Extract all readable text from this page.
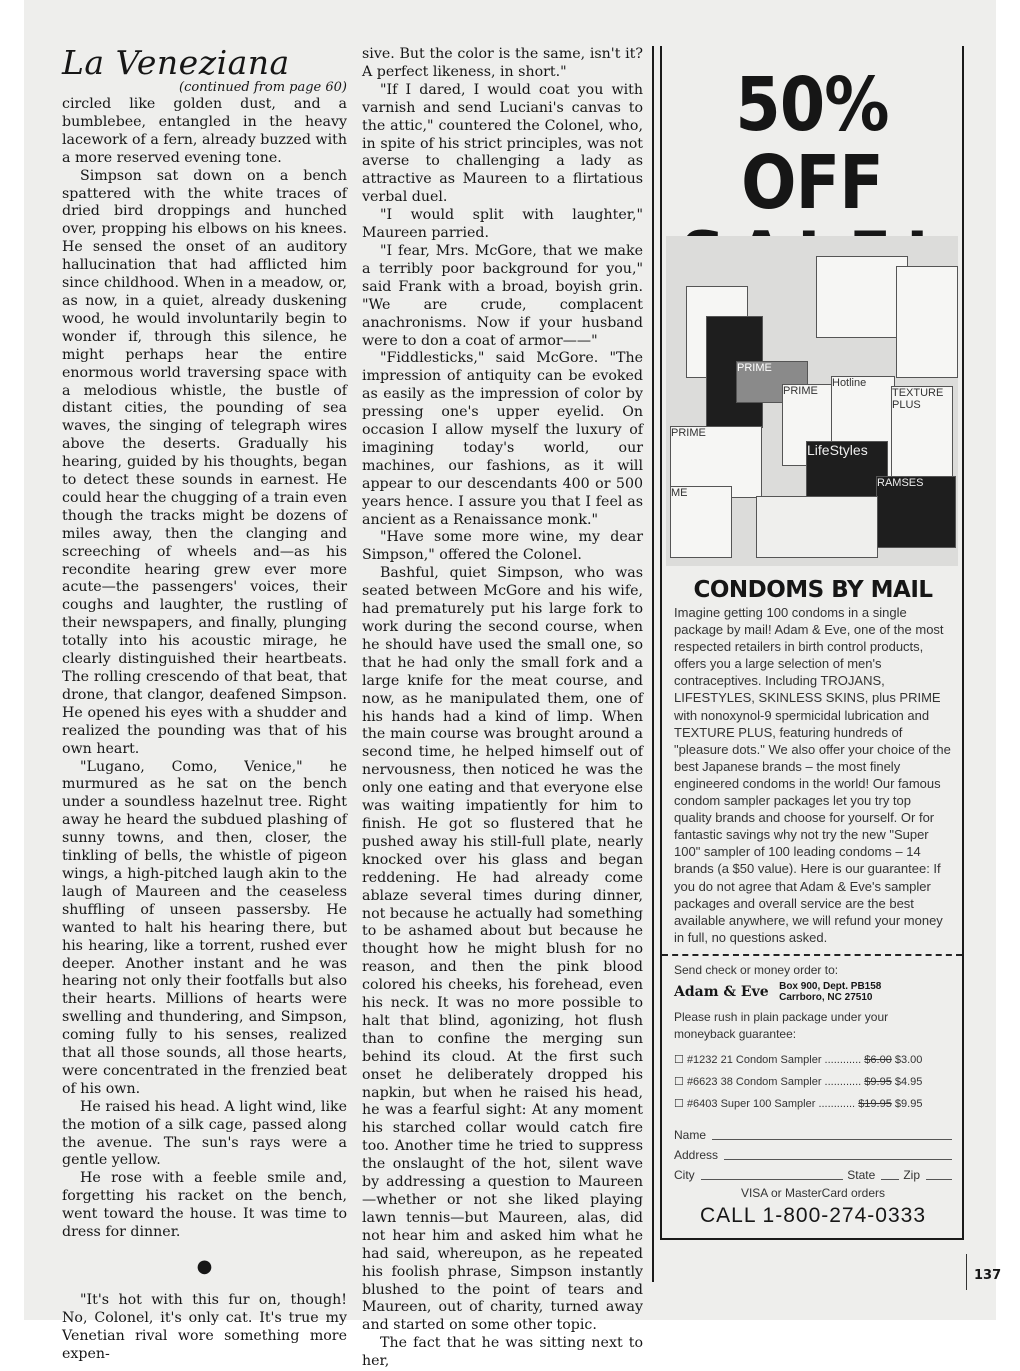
La Veneziana

(continued from page 60)

circled like golden dust, and a bumblebee, entangled in the heavy lacework of a fern, already buzzed with a more reserved evening tone.

Simpson sat down on a bench spattered with the white traces of dried bird droppings and hunched over, propping his elbows on his knees. He sensed the onset of an auditory hallucination that had afflicted him since childhood. When in a meadow, or, as now, in a quiet, already duskening wood, he would involuntarily begin to wonder if, through this silence, he might perhaps hear the entire enormous world traversing space with a melodious whistle, the bustle of distant cities, the pounding of sea waves, the singing of telegraph wires above the deserts. Gradually his hearing, guided by his thoughts, began to detect these sounds in earnest. He could hear the chugging of a train even though the tracks might be dozens of miles away, then the clanging and screeching of wheels and—as his recondite hearing grew ever more acute—the passengers' voices, their coughs and laughter, the rustling of their newspapers, and finally, plunging totally into his acoustic mirage, he clearly distinguished their heartbeats. The rolling crescendo of that beat, that drone, that clangor, deafened Simpson. He opened his eyes with a shudder and realized the pounding was that of his own heart.

"Lugano, Como, Venice," he murmured as he sat on the bench under a soundless hazelnut tree. Right away he heard the subdued plashing of sunny towns, and then, closer, the tinkling of bells, the whistle of pigeon wings, a high-pitched laugh akin to the laugh of Maureen and the ceaseless shuffling of unseen passersby. He wanted to halt his hearing there, but his hearing, like a torrent, rushed ever deeper. Another instant and he was hearing not only their footfalls but also their hearts. Millions of hearts were swelling and thundering, and Simpson, coming fully to his senses, realized that all those sounds, all those hearts, were concentrated in the frenzied beat of his own.

He raised his head. A light wind, like the motion of a silk cage, passed along the avenue. The sun's rays were a gentle yellow.

He rose with a feeble smile and, forgetting his racket on the bench, went toward the house. It was time to dress for dinner.

●

"It's hot with this fur on, though! No, Colonel, it's only cat. It's true my Venetian rival wore something more expen-

sive. But the color is the same, isn't it? A perfect likeness, in short."

"If I dared, I would coat you with varnish and send Luciani's canvas to the attic," countered the Colonel, who, in spite of his strict principles, was not averse to challenging a lady as attractive as Maureen to a flirtatious verbal duel.

"I would split with laughter," Maureen parried.

"I fear, Mrs. McGore, that we make a terribly poor background for you," said Frank with a broad, boyish grin. "We are crude, complacent anachronisms. Now if your husband were to don a coat of armor——"

"Fiddlesticks," said McGore. "The impression of antiquity can be evoked as easily as the impression of color by pressing one's upper eyelid. On occasion I allow myself the luxury of imagining today's world, our machines, our fashions, as it will appear to our descendants 400 or 500 years hence. I assure you that I feel as ancient as a Renaissance monk."

"Have some more wine, my dear Simpson," offered the Colonel.

Bashful, quiet Simpson, who was seated between McGore and his wife, had prematurely put his large fork to work during the second course, when he should have used the small one, so that he had only the small fork and a large knife for the meat course, and now, as he manipulated them, one of his hands had a kind of limp. When the main course was brought around a second time, he helped himself out of nervousness, then noticed he was the only one eating and that everyone else was waiting impatiently for him to finish. He got so flustered that he pushed away his still-full plate, nearly knocked over his glass and began reddening. He had already come ablaze several times during dinner, not because he actually had something to be ashamed about but because he thought how he might blush for no reason, and then the pink blood colored his cheeks, his forehead, even his neck. It was no more possible to halt that blind, agonizing, hot flush than to confine the merging sun behind its cloud. At the first such onset he deliberately dropped his napkin, but when he raised his head, he was a fearful sight: At any moment his starched collar would catch fire too. Another time he tried to suppress the onslaught of the hot, silent wave by addressing a question to Maureen—whether or not she liked playing lawn tennis—but Maureen, alas, did not hear him and asked him what he had said, whereupon, as he repeated his foolish phrase, Simpson instantly blushed to the point of tears and Maureen, out of charity, turned away and started on some other topic.

The fact that he was sitting next to her,

50% OFF
PRIME
PRIME
Hotline
LifeStyles
PRIME
TEXTURE PLUS
RAMSES
ME
CONDOMS BY MAIL
Imagine getting 100 condoms in a single package by mail! Adam & Eve, one of the most respected retailers in birth control products, offers you a large selection of men's contraceptives. Including TROJANS, LIFESTYLES, SKINLESS SKINS, plus PRIME with nonoxynol-9 spermicidal lubrication and TEXTURE PLUS, featuring hundreds of "pleasure dots." We also offer your choice of the best Japanese brands – the most finely engineered condoms in the world! Our famous condom sampler packages let you try top quality brands and choose for yourself. Or for fantastic savings why not try the new "Super 100" sampler of 100 leading condoms – 14 brands (a $50 value). Here is our guarantee: If you do not agree that Adam & Eve's sampler packages and overall service are the best available anywhere, we will refund your money in full, no questions asked.
Send check or money order to:
Adam & Eve Box 900, Dept. PB158
Carrboro, NC 27510
Please rush in plain package under your moneyback guarantee:
☐ #1232 21 Condom Sampler ............ $6.00 $3.00
☐ #6623 38 Condom Sampler ............ $9.95 $4.95
☐ #6403 Super 100 Sampler ............ $19.95 $9.95
Name
Address
City	State Zip
VISA or MasterCard orders
CALL 1-800-274-0333
137
